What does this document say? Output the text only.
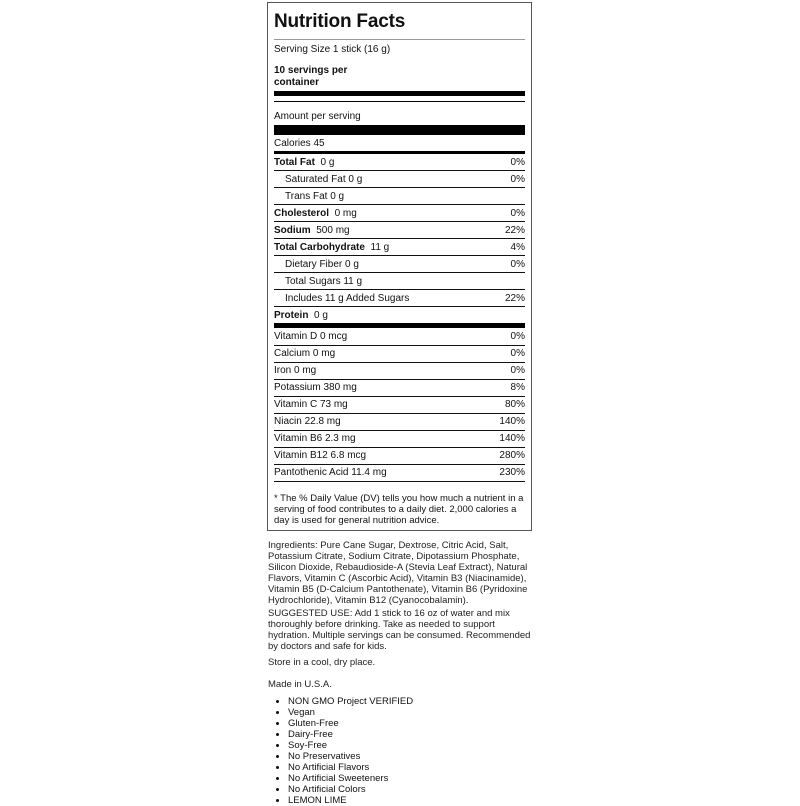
Nutrition Facts
Serving Size 1 stick (16 g)
10 servings per container
Amount per serving
Calories 45
Total Fat 0 g	0%
Saturated Fat 0 g	0%
Trans Fat 0 g
Cholesterol 0 mg	0%
Sodium 500 mg	22%
Total Carbohydrate 11 g	4%
Dietary Fiber 0 g	0%
Total Sugars 11 g
Includes 11 g Added Sugars	22%
Protein 0 g
Vitamin D 0 mcg	0%
Calcium 0 mg	0%
Iron 0 mg	0%
Potassium 380 mg	8%
Vitamin C 73 mg	80%
Niacin 22.8 mg	140%
Vitamin B6 2.3 mg	140%
Vitamin B12 6.8 mcg	280%
Pantothenic Acid 11.4 mg	230%
* The % Daily Value (DV) tells you how much a nutrient in a serving of food contributes to a daily diet. 2,000 calories a day is used for general nutrition advice.
Ingredients: Pure Cane Sugar, Dextrose, Citric Acid, Salt, Potassium Citrate, Sodium Citrate, Dipotassium Phosphate, Silicon Dioxide, Rebaudioside-A (Stevia Leaf Extract), Natural Flavors, Vitamin C (Ascorbic Acid), Vitamin B3 (Niacinamide), Vitamin B5 (D-Calcium Pantothenate), Vitamin B6 (Pyridoxine Hydrochloride), Vitamin B12 (Cyanocobalamin).
SUGGESTED USE: Add 1 stick to 16 oz of water and mix thoroughly before drinking. Take as needed to support hydration. Multiple servings can be consumed. Recommended by doctors and safe for kids.
Store in a cool, dry place.
Made in U.S.A.
• NON GMO Project VERIFIED
• Vegan
• Gluten-Free
• Dairy-Free
• Soy-Free
• No Preservatives
• No Artificial Flavors
• No Artificial Sweeteners
• No Artificial Colors
• LEMON LIME
